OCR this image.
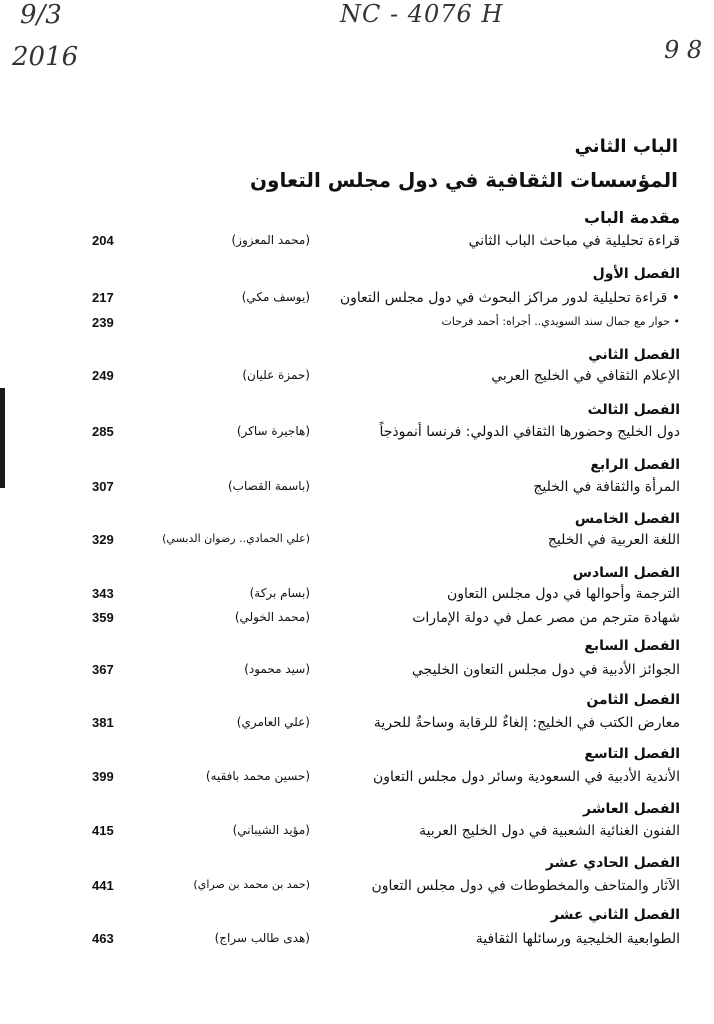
9/3
2016
NC - 4076 H
9 8
الباب الثاني
المؤسسات الثقافية في دول مجلس التعاون
مقدمة الباب
قراءة تحليلية في مباحث الباب الثاني
(محمد المعزوز)
204
الفصل الأول
• قراءة تحليلية لدور مراكز البحوث في دول مجلس التعاون
(يوسف مكي)
217
• حوار مع جمال سند السويدي.. أجراه: أحمد فرحات
239
الفصل الثاني
الإعلام الثقافي في الخليج العربي
(حمزة عليان)
249
الفصل الثالث
دول الخليج وحضورها الثقافي الدولي: فرنسا أنموذجاً
(هاجيرة ساكر)
285
الفصل الرابع
المرأة والثقافة في الخليج
(باسمة القصاب)
307
الفصل الخامس
اللغة العربية في الخليج
(علي الحمادي.. رضوان الدبسي)
329
الفصل السادس
الترجمة وأحوالها في دول مجلس التعاون
(بسام بركة)
343
شهادة مترجم من مصر عمل في دولة الإمارات
(محمد الخولي)
359
الفصل السابع
الجوائز الأدبية في دول مجلس التعاون الخليجي
(سيد محمود)
367
الفصل الثامن
معارض الكتب في الخليج: إلغاءٌ للرقابة وساحةٌ للحرية
(علي العامري)
381
الفصل التاسع
الأندية الأدبية في السعودية وسائر دول مجلس التعاون
(حسين محمد بافقيه)
399
الفصل العاشر
الفنون الغنائية الشعبية في دول الخليج العربية
(مؤيد الشيباني)
415
الفصل الحادي عشر
الآثار والمتاحف والمخطوطات في دول مجلس التعاون
(حمد بن محمد بن صراي)
441
الفصل الثاني عشر
الطوابعية الخليجية ورسائلها الثقافية
(هدى طالب سراج)
463
